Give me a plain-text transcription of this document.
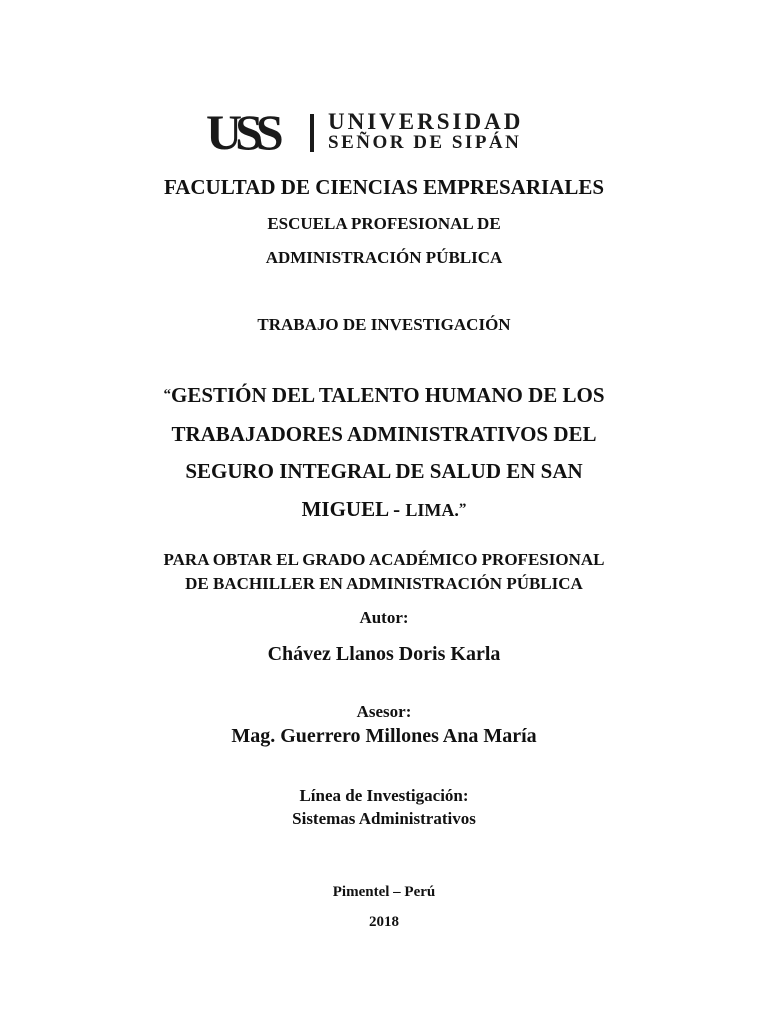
USS	UNIVERSIDAD
SEÑOR DE SIPÁN
FACULTAD DE CIENCIAS EMPRESARIALES
ESCUELA PROFESIONAL DE
ADMINISTRACIÓN PÚBLICA
TRABAJO DE INVESTIGACIÓN
“GESTIÓN DEL TALENTO HUMANO DE LOS
TRABAJADORES ADMINISTRATIVOS DEL
SEGURO INTEGRAL DE SALUD EN SAN
MIGUEL - LIMA.”
PARA OBTAR EL GRADO ACADÉMICO PROFESIONAL
DE BACHILLER EN ADMINISTRACIÓN PÚBLICA
Autor:
Chávez Llanos Doris Karla
Asesor:
Mag. Guerrero Millones Ana María
Línea de Investigación:
Sistemas Administrativos
Pimentel – Perú
2018
